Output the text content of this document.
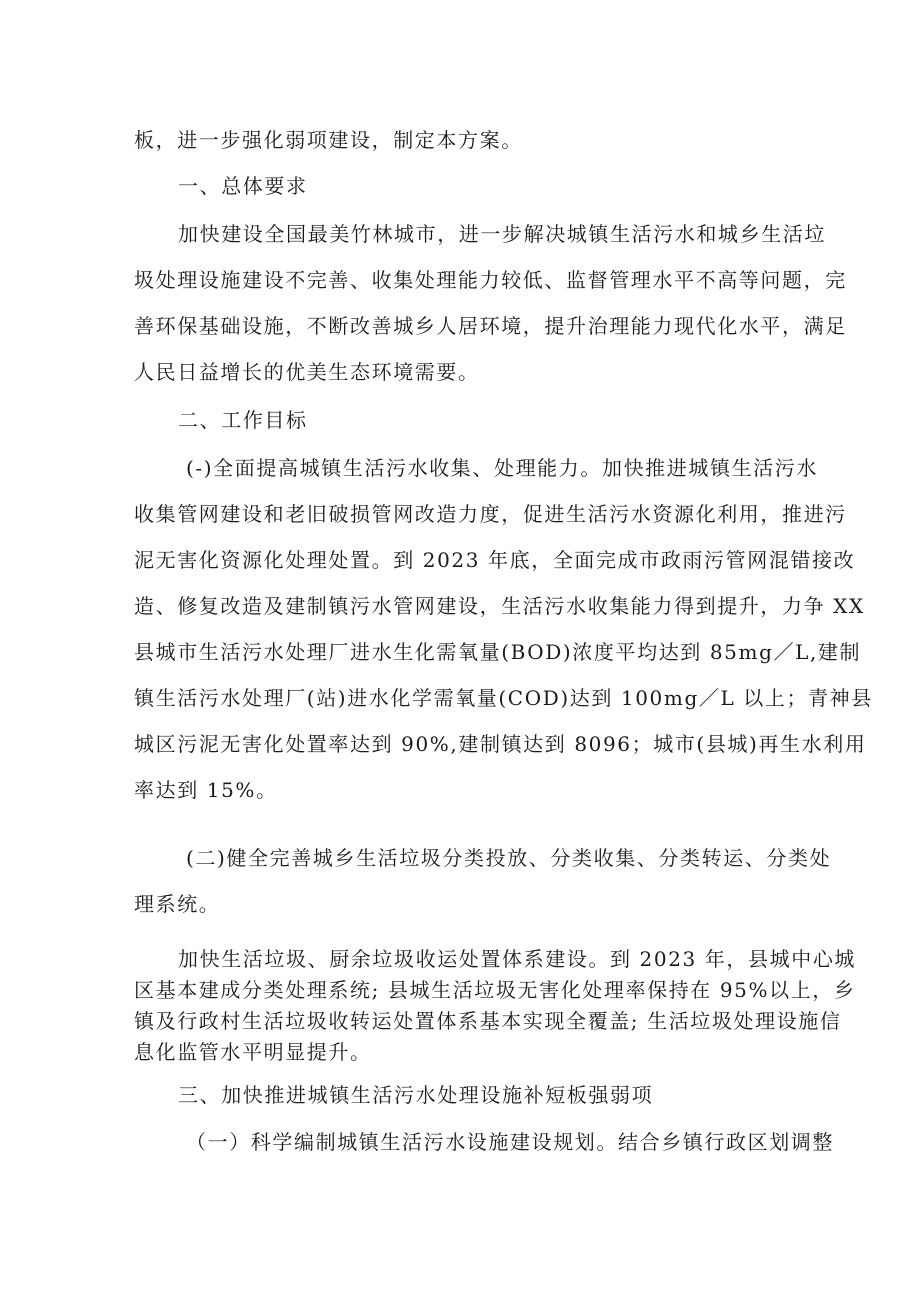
板，进一步强化弱项建设，制定本方案。
一、总体要求
加快建设全国最美竹林城市，进一步解决城镇生活污水和城乡生活垃
圾处理设施建设不完善、收集处理能力较低、监督管理水平不高等问题，完
善环保基础设施，不断改善城乡人居环境，提升治理能力现代化水平，满足
人民日益增长的优美生态环境需要。
二、工作目标
(-)全面提高城镇生活污水收集、处理能力。加快推进城镇生活污水
收集管网建设和老旧破损管网改造力度，促进生活污水资源化利用，推进污
泥无害化资源化处理处置。到 2023 年底，全面完成市政雨污管网混错接改
造、修复改造及建制镇污水管网建设，生活污水收集能力得到提升，力争 XX
县城市生活污水处理厂进水生化需氧量(BOD)浓度平均达到 85mg／L,建制
镇生活污水处理厂(站)进水化学需氧量(COD)达到 100mg／L 以上；青神县
城区污泥无害化处置率达到 90%,建制镇达到 8096；城市(县城)再生水利用
率达到 15%。
(二)健全完善城乡生活垃圾分类投放、分类收集、分类转运、分类处
理系统。
加快生活垃圾、厨余垃圾收运处置体系建设。到 2023 年，县城中心城
区基本建成分类处理系统; 县城生活垃圾无害化处理率保持在 95%以上，乡
镇及行政村生活垃圾收转运处置体系基本实现全覆盖; 生活垃圾处理设施信
息化监管水平明显提升。
三、加快推进城镇生活污水处理设施补短板强弱项
（一）科学编制城镇生活污水设施建设规划。结合乡镇行政区划调整
